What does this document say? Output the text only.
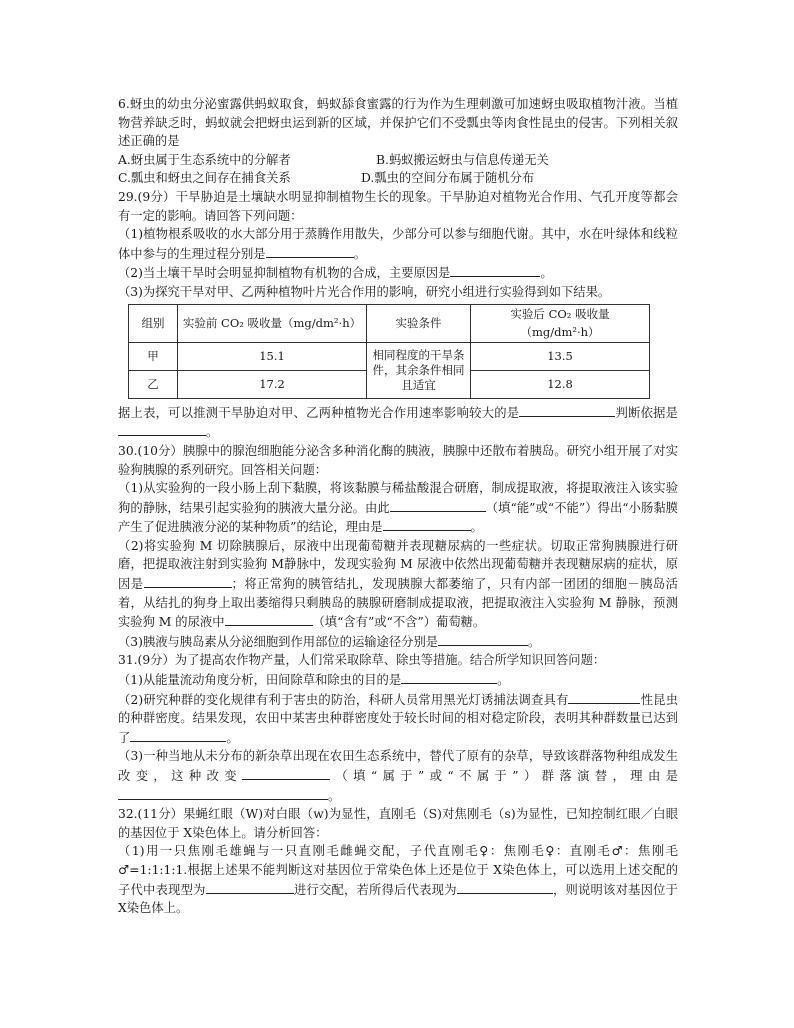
6.蚜虫的幼虫分泌蜜露供蚂蚁取食，蚂蚁舔食蜜露的行为作为生理刺激可加速蚜虫吸取植物汁液。当植物营养缺乏时，蚂蚁就会把蚜虫运到新的区域，并保护它们不受瓢虫等肉食性昆虫的侵害。下列相关叙述正确的是

A.蚜虫属于生态系统中的分解者	B.蚂蚁搬运蚜虫与信息传递无关
C.瓢虫和蚜虫之间存在捕食关系	D.瓢虫的空间分布属于随机分布

29.(9分）干旱胁迫是土壤缺水明显抑制植物生长的现象。干旱胁迫对植物光合作用、气孔开度等都会有一定的影响。请回答下列问题：

（1)植物根系吸收的水大部分用于蒸腾作用散失，少部分可以参与细胞代谢。其中，水在叶绿体和线粒体中参与的生理过程分别是	。

（2)当土壤干旱时会明显抑制植物有机物的合成，主要原因是	。

（3)为探究干旱对甲、乙两种植物叶片光合作用的影响，研究小组进行实验得到如下结果。

组别	实验前 CO₂ 吸收量（mg/dm²·h）	实验条件	实验后 CO₂ 吸收量（mg/dm²·h）
甲	15.1	相同程度的干旱条件，其余条件相同且适宜	13.5
乙	17.2		12.8

据上表，可以推测干旱胁迫对甲、乙两种植物光合作用速率影响较大的是	判断依据是。

30.(10分）胰腺中的腺泡细胞能分泌含多种消化酶的胰液，胰腺中还散布着胰岛。研究小组开展了对实验狗胰腺的系列研究。回答相关问题：

（1)从实验狗的一段小肠上刮下黏膜，将该黏膜与稀盐酸混合研磨，制成提取液，将提取液注入该实验狗的静脉，结果引起实验狗的胰液大量分泌。由此	（填“能”或“不能”）得出“小肠黏膜产生了促进胰液分泌的某种物质”的结论，理由是	。

（2)将实验狗 M 切除胰腺后，尿液中出现葡萄糖并表现糖尿病的一些症状。切取正常狗胰腺进行研磨，把提取液注射到实验狗 M静脉中，发现实验狗 M 尿液中依然出现葡萄糖并表现糖尿病的症状，原因是	；将正常狗的胰管结扎，发现胰腺大都萎缩了，只有内部一团团的细胞－胰岛活着，从结扎的狗身上取出萎缩得只剩胰岛的胰腺研磨制成提取液，把提取液注入实验狗 M 静脉，预测实验狗 M 的尿液中	（填“含有”或“不含”）葡萄糖。

（3)胰液与胰岛素从分泌细胞到作用部位的运输途径分别是	。

31.(9分）为了提高农作物产量，人们常采取除草、除虫等措施。结合所学知识回答问题：

（1)从能量流动角度分析，田间除草和除虫的目的是	。

（2)研究种群的变化规律有利于害虫的防治，科研人员常用黑光灯诱捕法调查具有	性昆虫的种群密度。结果发现，农田中某害虫种群密度处于较长时间的相对稳定阶段，表明其种群数量已达到了	。

（3)一种当地从未分布的新杂草出现在农田生态系统中，替代了原有的杂草，导致该群落物种组成发生改变，这种改变	（填“属于”或“不属于”）群落演替，理由是。

32.(11分）果蝇红眼（W)对白眼（w)为显性，直刚毛（S)对焦刚毛（s)为显性，已知控制红眼／白眼的基因位于 X染色体上。请分析回答：

（1)用一只焦刚毛雄蝇与一只直刚毛雌蝇交配，子代直刚毛♀：焦刚毛♀：直刚毛♂：焦刚毛♂=1:1:1:1.根据上述果不能判断这对基因位于常染色体上还是位于 X染色体上，可以选用上述交配的子代中表现型为	进行交配，若所得后代表现为	，则说明该对基因位于 X染色体上。
